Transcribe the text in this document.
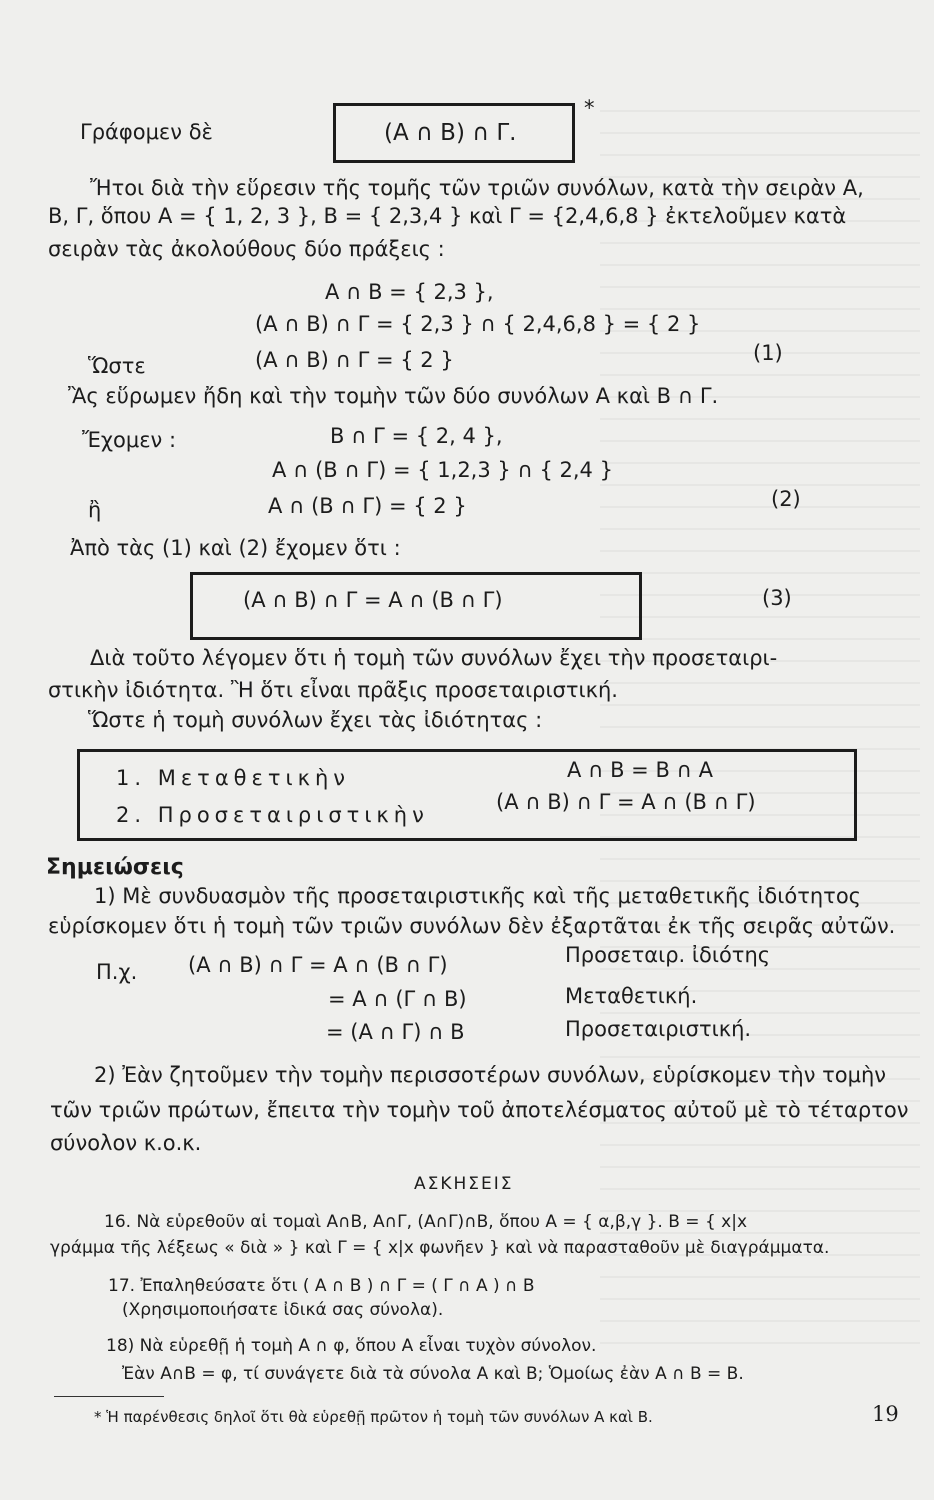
Γράφομεν δὲ	(A ∩ B) ∩ Γ.
*
Ἤτοι διὰ τὴν εὕρεσιν τῆς τομῆς τῶν τριῶν συνόλων, κατὰ τὴν σειρὰν A,
B, Γ, ὅπου A = { 1, 2, 3 }, B = { 2,3,4 } καὶ Γ = {2,4,6,8 } ἐκτελοῦμεν κατὰ
σειρὰν τὰς ἀκολούθους δύο πράξεις :
A ∩ B = { 2,3 },
(A ∩ B) ∩ Γ = { 2,3 } ∩ { 2,4,6,8 } = { 2 }
Ὥστε	(A ∩ B) ∩ Γ = { 2 }	(1)
Ἂς εὕρωμεν ἤδη καὶ τὴν τομὴν τῶν δύο συνόλων A καὶ B ∩ Γ.
Ἔχομεν :	B ∩ Γ = { 2, 4 },
A ∩ (B ∩ Γ) = { 1,2,3 } ∩ { 2,4 }
ἢ	A ∩ (B ∩ Γ) = { 2 }	(2)
Ἀπὸ τὰς (1) καὶ (2) ἔχομεν ὅτι :
(A ∩ B) ∩ Γ = A ∩ (B ∩ Γ)	(3)
Διὰ τοῦτο λέγομεν ὅτι ἡ τομὴ τῶν συνόλων ἔχει τὴν προσεταιρι-
στικὴν ἰδιότητα. Ἢ ὅτι εἶναι πρᾶξις προσεταιριστική.
Ὥστε ἡ τομὴ συνόλων ἔχει τὰς ἰδιότητας :
1. Μεταθετικὴν	A ∩ B = B ∩ A
2. Προσεταιριστικὴν
(A ∩ B) ∩ Γ = A ∩ (B ∩ Γ)
Σημειώσεις
1) Μὲ συνδυασμὸν τῆς προσεταιριστικῆς καὶ τῆς μεταθετικῆς ἰδιότητος
εὑρίσκομεν ὅτι ἡ τομὴ τῶν τριῶν συνόλων δὲν ἐξαρτᾶται ἐκ τῆς σειρᾶς αὐτῶν.
Π.χ. (A ∩ B) ∩ Γ = A ∩ (B ∩ Γ)	Προσεταιρ. ἰδιότης
= A ∩ (Γ ∩ B)	Μεταθετική.
= (A ∩ Γ) ∩ B	Προσεταιριστική.
2) Ἐὰν ζητοῦμεν τὴν τομὴν περισσοτέρων συνόλων, εὑρίσκομεν τὴν τομὴν
τῶν τριῶν πρώτων, ἔπειτα τὴν τομὴν τοῦ ἀποτελέσματος αὐτοῦ μὲ τὸ τέταρτον
σύνολον κ.ο.κ.
ΑΣΚΗΣΕΙΣ
16. Νὰ εὑρεθοῦν αἱ τομαὶ A∩B, A∩Γ, (A∩Γ)∩B, ὅπου A = { α,β,γ }. B = { x|x
γράμμα τῆς λέξεως « διὰ » } καὶ Γ = { x|x φωνῆεν } καὶ νὰ παρασταθοῦν μὲ διαγράμματα.
17. Ἐπαληθεύσατε ὅτι ( A ∩ B ) ∩ Γ = ( Γ ∩ A ) ∩ B
(Χρησιμοποιήσατε ἰδικά σας σύνολα).
18) Νὰ εὑρεθῇ ἡ τομὴ A ∩ φ, ὅπου A εἶναι τυχὸν σύνολον.
Ἐὰν A∩B = φ, τί συνάγετε διὰ τὰ σύνολα A καὶ B; Ὁμοίως ἐὰν A ∩ B = B.
* Ἡ παρένθεσις δηλοῖ ὅτι θὰ εὑρεθῇ πρῶτον ἡ τομὴ τῶν συνόλων A καὶ B.	19
